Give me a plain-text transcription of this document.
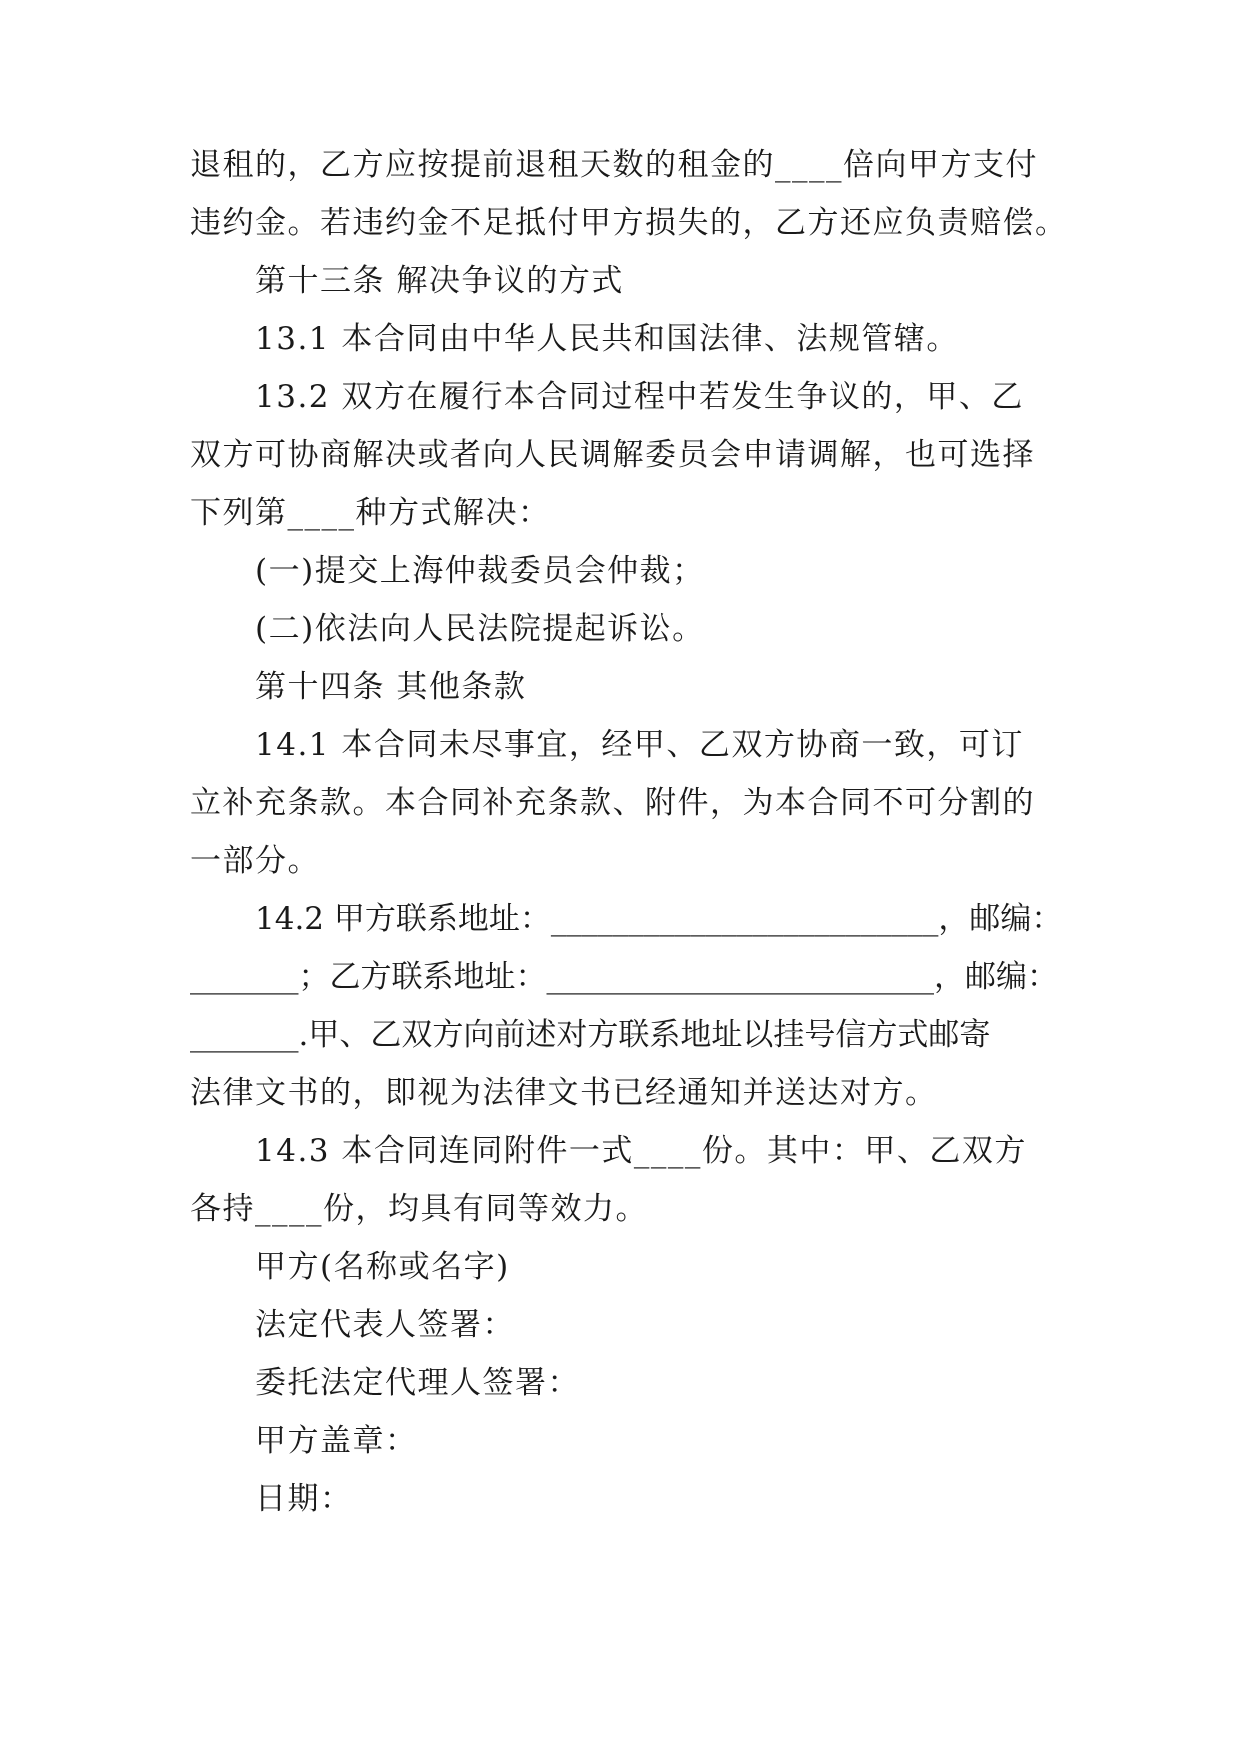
退租的，乙方应按提前退租天数的租金的____倍向甲方支付
违约金。若违约金不足抵付甲方损失的，乙方还应负责赔偿。
第十三条 解决争议的方式
13.1 本合同由中华人民共和国法律、法规管辖。
13.2 双方在履行本合同过程中若发生争议的，甲、乙
双方可协商解决或者向人民调解委员会申请调解，也可选择
下列第____种方式解决：
(一)提交上海仲裁委员会仲裁；
(二)依法向人民法院提起诉讼。
第十四条 其他条款
14.1 本合同未尽事宜，经甲、乙双方协商一致，可订
立补充条款。本合同补充条款、附件，为本合同不可分割的
一部分。
14.2 甲方联系地址：_________________________，邮编：
_______；乙方联系地址：_________________________，邮编：
_______.甲、乙双方向前述对方联系地址以挂号信方式邮寄
法律文书的，即视为法律文书已经通知并送达对方。
14.3 本合同连同附件一式____份。其中：甲、乙双方
各持____份，均具有同等效力。
甲方(名称或名字)
法定代表人签署：
委托法定代理人签署：
甲方盖章：
日期：
